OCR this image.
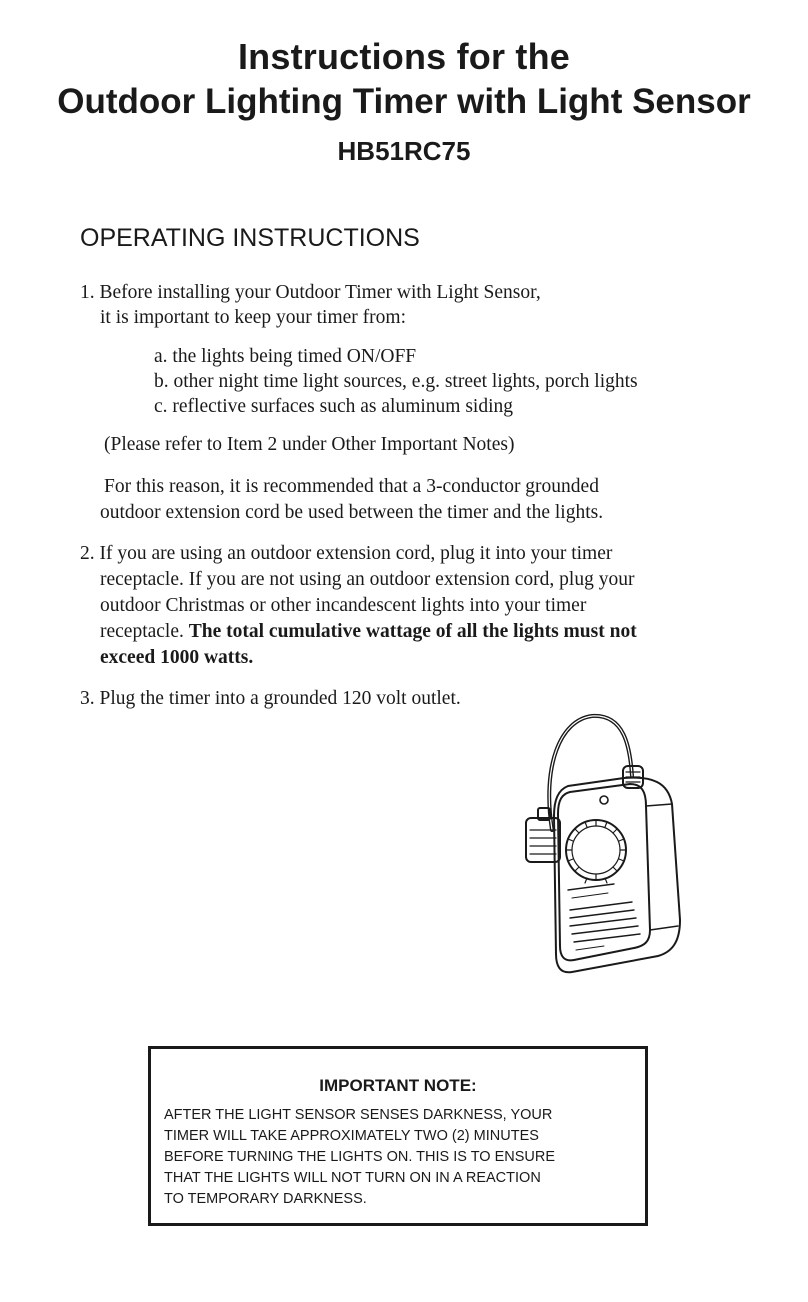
Instructions for the
Outdoor Lighting Timer with Light Sensor
HB51RC75
OPERATING INSTRUCTIONS
1. Before installing your Outdoor Timer with Light Sensor,
it is important to keep your timer from:
a. the lights being timed ON/OFF
b. other night time light sources, e.g. street lights, porch lights
c. reflective surfaces such as aluminum siding
(Please refer to Item 2 under Other Important Notes)
For this reason, it is recommended that a 3-conductor grounded
outdoor extension cord be used between the timer and the lights.
2. If you are using an outdoor extension cord, plug it into your timer
receptacle. If you are not using an outdoor extension cord, plug your
outdoor Christmas or other incandescent lights into your timer
receptacle. The total cumulative wattage of all the lights must not
exceed 1000 watts.
3. Plug the timer into a grounded 120 volt outlet.
IMPORTANT NOTE:
AFTER THE LIGHT SENSOR SENSES DARKNESS, YOUR
TIMER WILL TAKE APPROXIMATELY TWO (2) MINUTES
BEFORE TURNING THE LIGHTS ON. THIS IS TO ENSURE
THAT THE LIGHTS WILL NOT TURN ON IN A REACTION
TO TEMPORARY DARKNESS.
